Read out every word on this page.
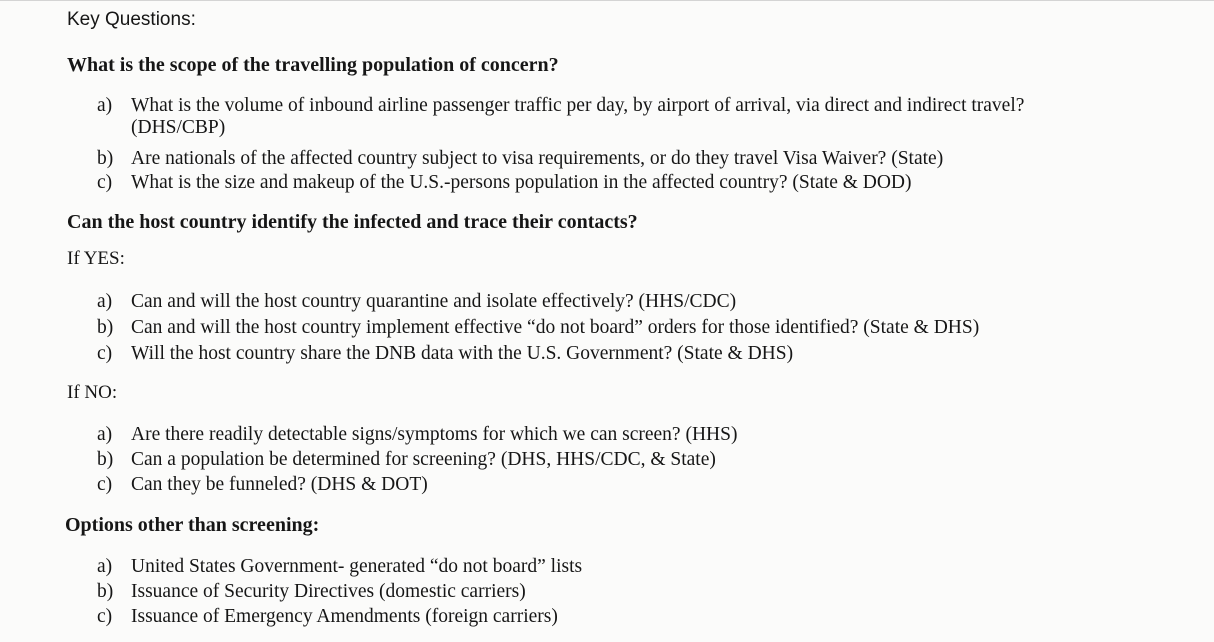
Key Questions:
What is the scope of the travelling population of concern?
a) What is the volume of inbound airline passenger traffic per day, by airport of arrival, via direct and indirect travel?
(DHS/CBP)
b) Are nationals of the affected country subject to visa requirements, or do they travel Visa Waiver? (State)
c) What is the size and makeup of the U.S.-persons population in the affected country? (State & DOD)
Can the host country identify the infected and trace their contacts?
If YES:
a) Can and will the host country quarantine and isolate effectively? (HHS/CDC)
b) Can and will the host country implement effective “do not board” orders for those identified? (State & DHS)
c) Will the host country share the DNB data with the U.S. Government? (State & DHS)
If NO:
a) Are there readily detectable signs/symptoms for which we can screen? (HHS)
b) Can a population be determined for screening? (DHS, HHS/CDC, & State)
c) Can they be funneled? (DHS & DOT)
Options other than screening:
a) United States Government- generated “do not board” lists
b) Issuance of Security Directives (domestic carriers)
c) Issuance of Emergency Amendments (foreign carriers)
